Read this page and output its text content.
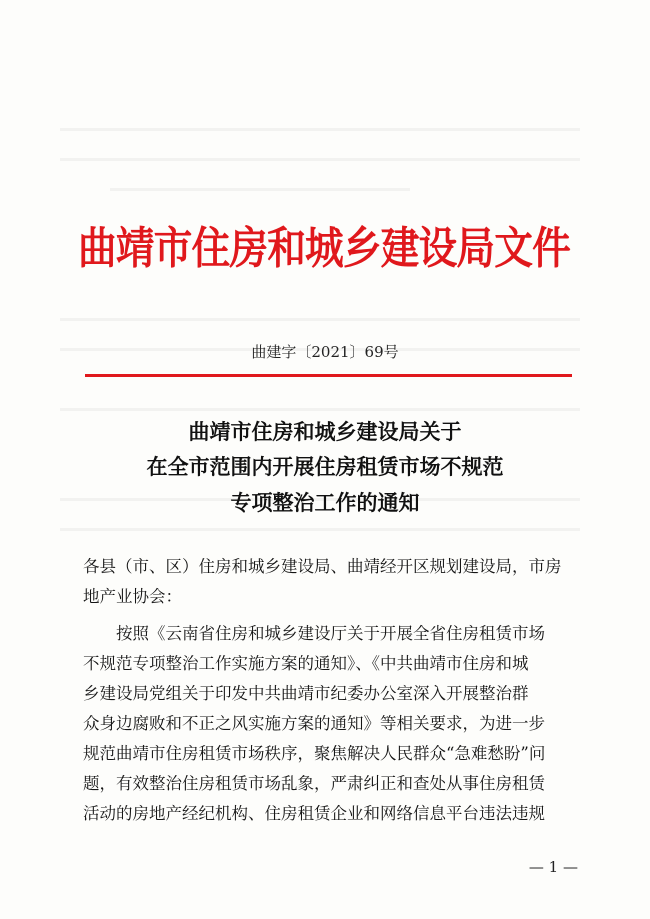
曲靖市住房和城乡建设局文件
曲建字〔2021〕69号
曲靖市住房和城乡建设局关于
在全市范围内开展住房租赁市场不规范
专项整治工作的通知
各县（市、区）住房和城乡建设局、曲靖经开区规划建设局，市房地产业协会：
按照《云南省住房和城乡建设厅关于开展全省住房租赁市场
不规范专项整治工作实施方案的通知》、《中共曲靖市住房和城
乡建设局党组关于印发中共曲靖市纪委办公室深入开展整治群
众身边腐败和不正之风实施方案的通知》等相关要求，为进一步
规范曲靖市住房租赁市场秩序，聚焦解决人民群众“急难愁盼”问
题，有效整治住房租赁市场乱象，严肃纠正和查处从事住房租赁
活动的房地产经纪机构、住房租赁企业和网络信息平台违法违规
— 1 —
